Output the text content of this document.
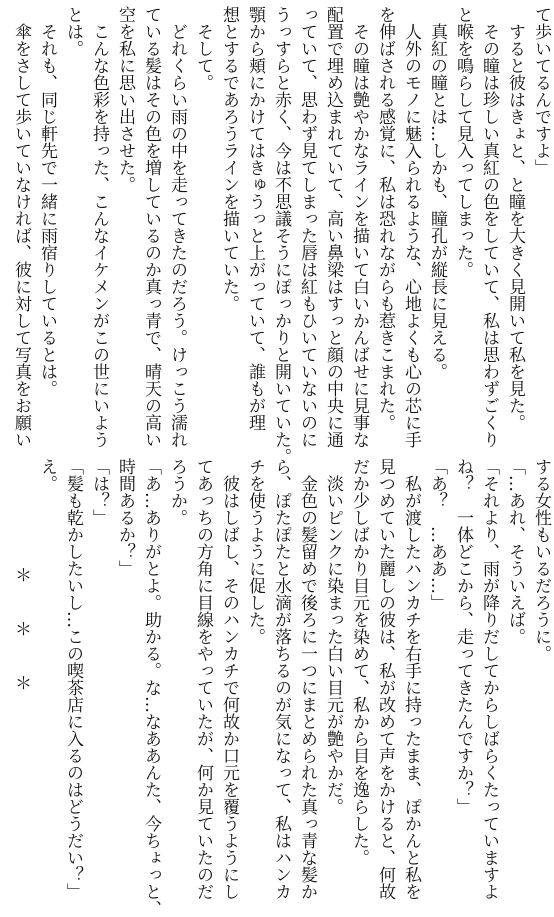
て歩いてるんですよ」
　すると彼はきょと、と瞳を大きく見開いて私を見た。
　その瞳は珍しい真紅の色をしていて、私は思わずごくり
と喉を鳴らして見入ってしまった。
　真紅の瞳とは…しかも、瞳孔が縦長に見える。
　人外のモノに魅入られるような、心地よくも心の芯に手
を伸ばされる感覚に、私は恐れながらも惹きこまれた。
　その瞳は艶やかなラインを描いて白いかんばせに見事な
配置で埋め込まれていて、高い鼻梁はすっと顔の中央に通
っていて、思わず見てしまった唇は紅もひいていないのに
うっすらと赤く、今は不思議そうにぽっかりと開いていた。
顎から頬にかけてはきゅうっと上がっていて、誰もが理
想とするであろうラインを描いていた。
　そして。
　どれくらい雨の中を走ってきたのだろう。けっこう濡れ
ている髪はその色を増しているのか真っ青で、晴天の高い
空を私に思い出させた。
　こんな色彩を持った、こんなイケメンがこの世にいよう
とは。
　それも、同じ軒先で一緒に雨宿りしているとは。
　傘をさして歩いていなければ、彼に対して写真をお願い
する女性もいるだろうに。
「…あれ、そういえば。
「それより、雨が降りだしてからしばらくたっていますよ
ね？　一体どこから、走ってきたんですか？」
「あ？　…ああ…」
　私が渡したハンカチを右手に持ったまま、ぽかんと私を
見つめていた麗しの彼は、私が改めて声をかけると、何故
だか少しばかり目元を染めて、私から目を逸らした。
　淡いピンクに染まった白い目元が艶やかだ。
　金色の髪留めで後ろに一つにまとめられた真っ青な髪か
ら、ぽたぽたと水滴が落ちるのが気になって、私はハンカ
チを使うように促した。
　彼はしばし、そのハンカチで何故か口元を覆うようにし
てあっちの方角に目線をやっていたが、何か見ていたのだ
ろうか。
「あ…ありがとよ。助かる。な…なああんた、今ちょっと、
時間あるか？」
「は？」
「髪も乾かしたいし…この喫茶店に入るのはどうだい？」
え。
　　　　＊　＊　＊
